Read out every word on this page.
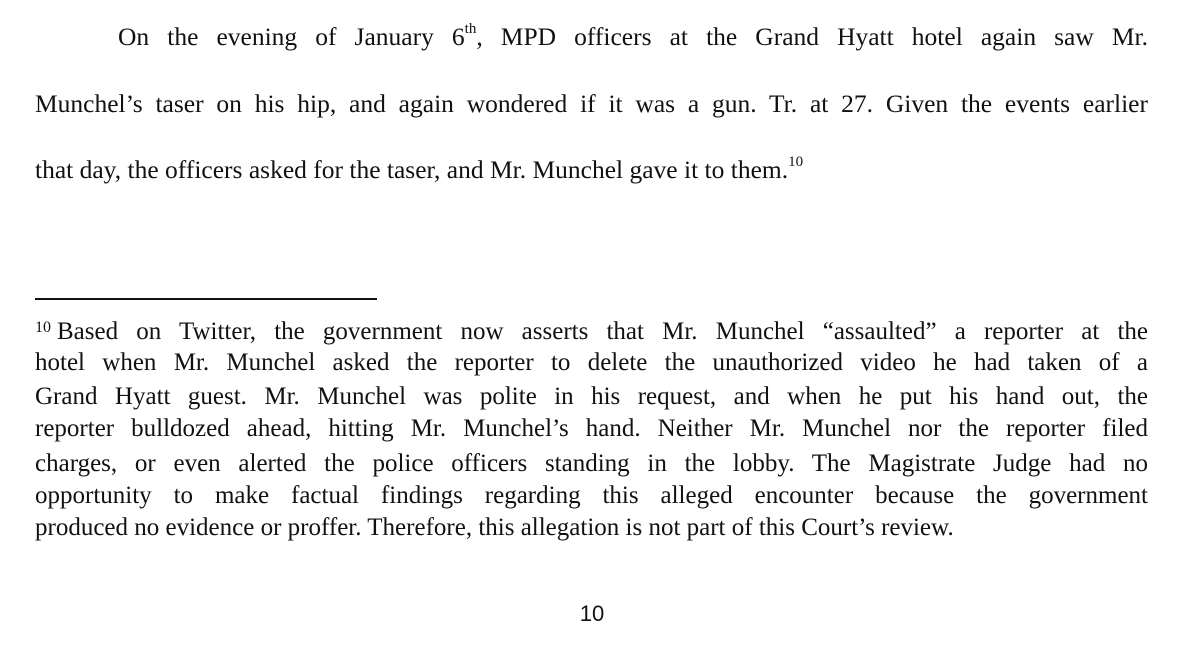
On the evening of January 6th, MPD officers at the Grand Hyatt hotel again saw Mr.
Munchel’s taser on his hip, and again wondered if it was a gun. Tr. at 27. Given the events earlier
that day, the officers asked for the taser, and Mr. Munchel gave it to them.$^{10}$
$^{10}$ Based on Twitter, the government now asserts that Mr. Munchel “assaulted” a reporter at the
hotel when Mr. Munchel asked the reporter to delete the unauthorized video he had taken of a
Grand Hyatt guest. Mr. Munchel was polite in his request, and when he put his hand out, the
reporter bulldozed ahead, hitting Mr. Munchel’s hand. Neither Mr. Munchel nor the reporter filed
charges, or even alerted the police officers standing in the lobby. The Magistrate Judge had no
opportunity to make factual findings regarding this alleged encounter because the government
produced no evidence or proffer. Therefore, this allegation is not part of this Court’s review.
10
